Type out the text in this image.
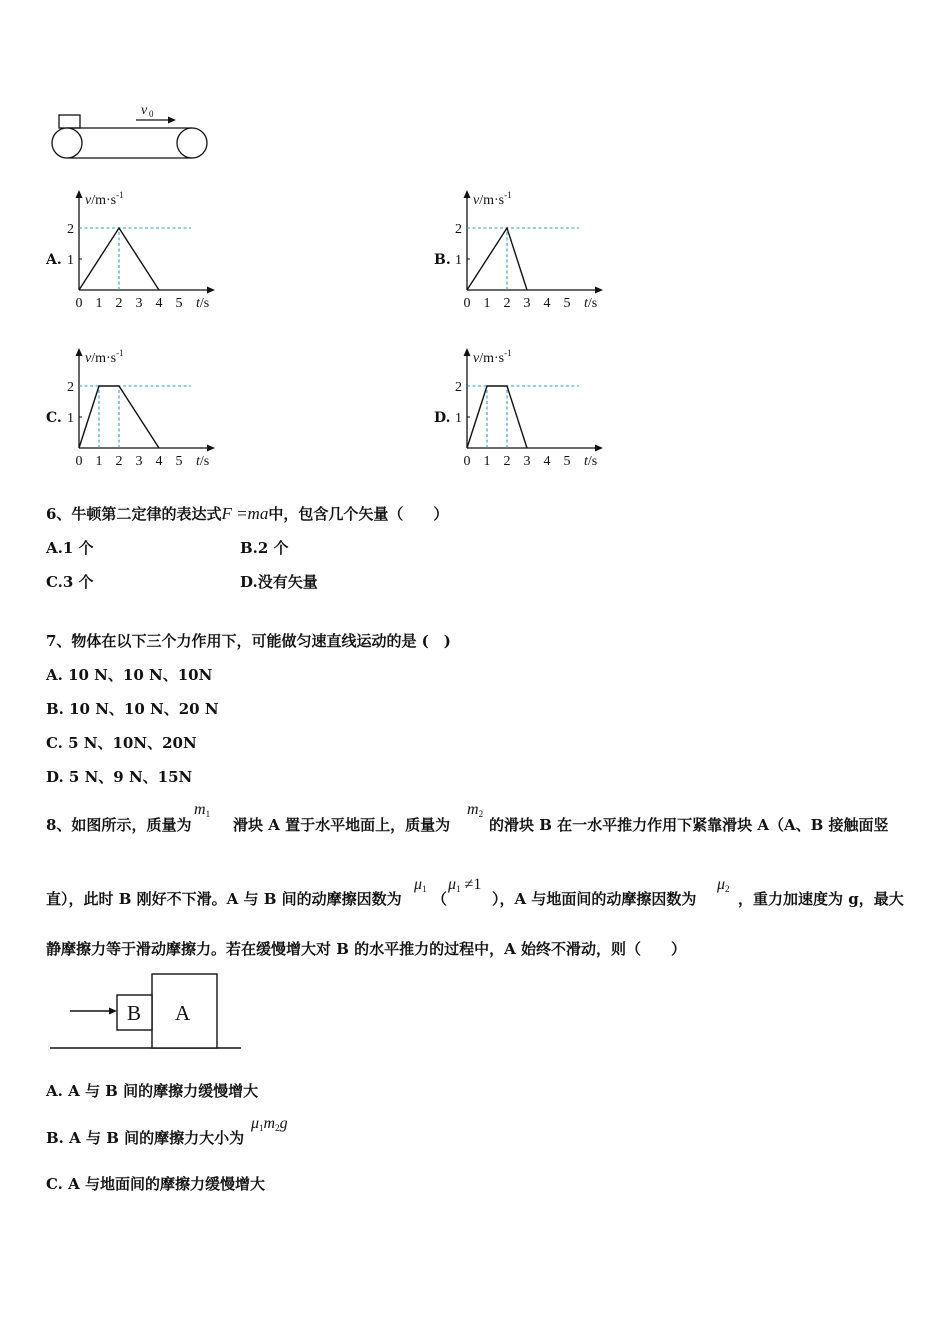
v 0
$v/m\cdot s^{-1}$
0 1 2 3 4 5 t/s
1
2
A.
$v/m\cdot s^{-1}$
0 1 2 3 4 5 t/s
1
2
B.
$v/m\cdot s^{-1}$
0 1 2 3 4 5 t/s
1
2
C.
$v/m\cdot s^{-1}$
0 1 2 3 4 5 t/s
1
2
D.
6、牛顿第二定律的表达式F =ma中，包含几个矢量（　　）
A.1 个	B.2 个
C.3 个	D.没有矢量
7、物体在以下三个力作用下，可能做匀速直线运动的是 (　)
A. 10 N、10 N、10N
B. 10 N、10 N、20 N
C. 5 N、10N、20N
D. 5 N、9 N、15N
8、如图所示，质量为
$m_1$
滑块 A 置于水平地面上，质量为
$m_2$
的滑块 B 在一水平推力作用下紧靠滑块 A（A、B 接触面竖
直），此时 B 刚好不下滑。A 与 B 间的动摩擦因数为
$\mu_1$
（
$\mu_1 \ne 1$
），A 与地面间的动摩擦因数为
$\mu_2$
，重力加速度为 g，最大
静摩擦力等于滑动摩擦力。若在缓慢增大对 B 的水平推力的过程中，A 始终不滑动，则（　　）
B A
A. A 与 B 间的摩擦力缓慢增大
B. A 与 B 间的摩擦力大小为
$\mu_1m_2g$
C. A 与地面间的摩擦力缓慢增大
